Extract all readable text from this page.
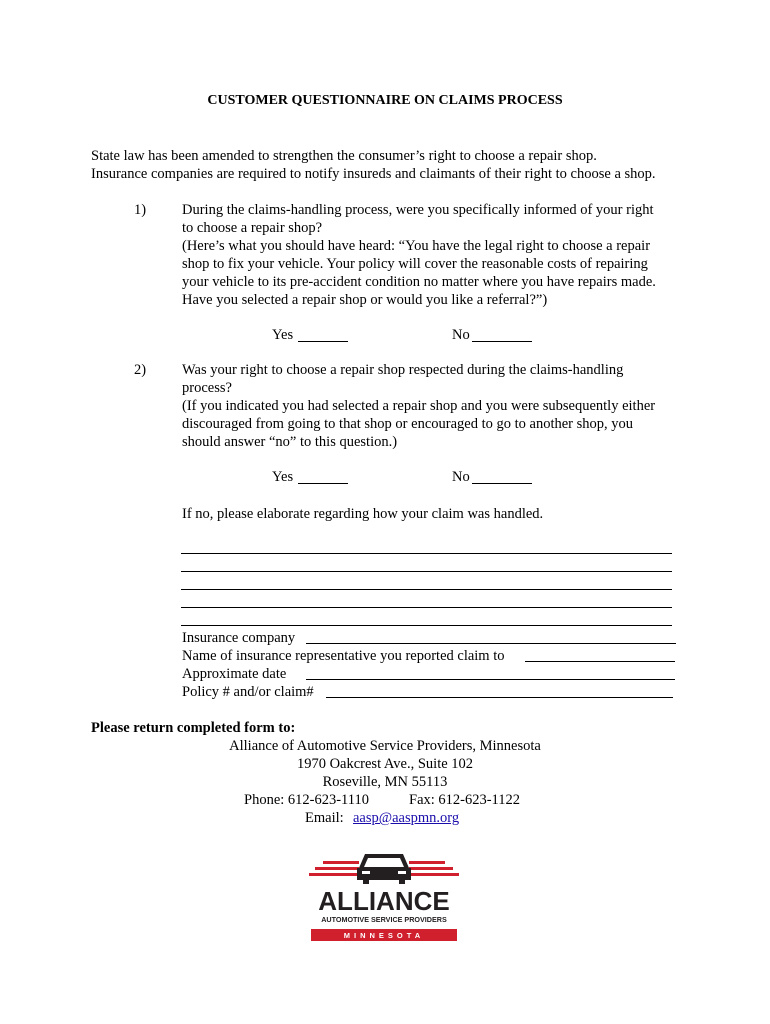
CUSTOMER QUESTIONNAIRE ON CLAIMS PROCESS
State law has been amended to strengthen the consumer’s right to choose a repair shop.
Insurance companies are required to notify insureds and claimants of their right to choose a shop.
1) During the claims-handling process, were you specifically informed of your right
to choose a repair shop?
(Here’s what you should have heard: “You have the legal right to choose a repair
shop to fix your vehicle. Your policy will cover the reasonable costs of repairing
your vehicle to its pre-accident condition no matter where you have repairs made.
Have you selected a repair shop or would you like a referral?”)
Yes	No
2) Was your right to choose a repair shop respected during the claims-handling
process?
(If you indicated you had selected a repair shop and you were subsequently either
discouraged from going to that shop or encouraged to go to another shop, you
should answer “no” to this question.)
Yes	No
If no, please elaborate regarding how your claim was handled.
Insurance company
Name of insurance representative you reported claim to
Approximate date
Policy # and/or claim#
Please return completed form to:
Alliance of Automotive Service Providers, Minnesota
1970 Oakcrest Ave., Suite 102
Roseville, MN 55113
Phone: 612-623-1110	Fax: 612-623-1122
Email: aasp@aaspmn.org
ALLIANCE
AUTOMOTIVE SERVICE PROVIDERS
MINNESOTA
